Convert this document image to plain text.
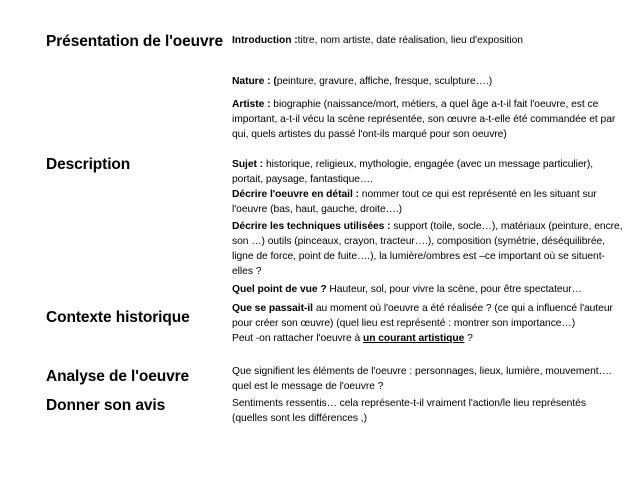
Présentation de l'oeuvre
Description
Contexte historique
Analyse de l'oeuvre
Donner son avis
Introduction :titre, nom artiste, date réalisation, lieu d'exposition
Nature : (peinture, gravure, affiche, fresque, sculpture….)
Artiste : biographie (naissance/mort, métiers, a quel âge a-t-il fait l'oeuvre, est ce important, a-t-il vécu la scène représentée, son œuvre a-t-elle été commandée et par qui, quels artistes du passé l'ont-ils marqué pour son oeuvre)
Sujet : historique, religieux, mythologie, engagée (avec un message particulier), portait, paysage, fantastique….
Décrire l'oeuvre en détail : nommer tout ce qui est représenté en les situant sur l'oeuvre (bas, haut, gauche, droite….)
Décrire les techniques utilisées : support (toile, socle…), matériaux (peinture, encre, son …) outils (pinceaux, crayon, tracteur….), composition (symétrie, déséquilibrée, ligne de force, point de fuite….), la lumière/ombres est –ce important où se situent-elles ?
Quel point de vue ? Hauteur, sol, pour vivre la scène, pour être spectateur…
Que se passait-il au moment où l'oeuvre a été réalisée ? (ce qui a influencé l'auteur pour créer son œuvre) (quel lieu est représenté : montrer son importance…)
Peut -on rattacher l'oeuvre à un courant artistique ?
Que signifient les éléments de l'oeuvre : personnages, lieux, lumière, mouvement…. quel est le message de l'oeuvre ?
Sentiments ressentis… cela représente-t-il vraiment l'action/le lieu représentés (quelles sont les différences ,)
